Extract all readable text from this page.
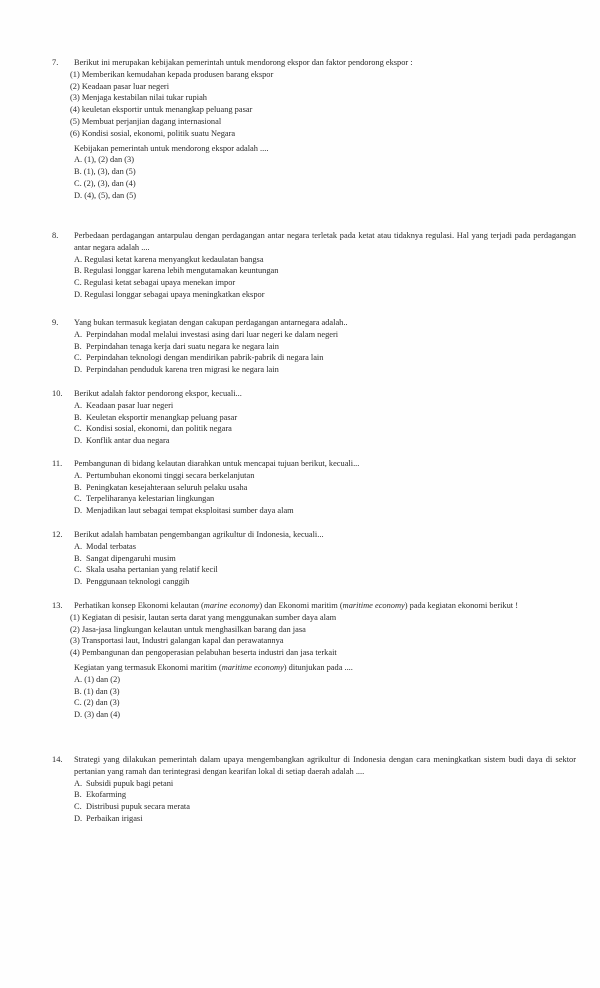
7.	Berikut ini merupakan kebijakan pemerintah untuk mendorong ekspor dan faktor pendorong ekspor :
(1) Memberikan kemudahan kepada produsen barang ekspor
(2) Keadaan pasar luar negeri
(3) Menjaga kestabilan nilai tukar rupiah
(4) keuletan eksportir untuk menangkap peluang pasar
(5) Membuat perjanjian dagang internasional
(6) Kondisi sosial, ekonomi, politik suatu Negara
Kebijakan pemerintah untuk mendorong ekspor adalah ....
A. (1), (2) dan (3)
B. (1), (3), dan (5)
C. (2), (3), dan (4)
D. (4), (5), dan (5)
8.	Perbedaan perdagangan antarpulau dengan perdagangan antar negara terletak pada ketat atau tidaknya regulasi. Hal yang terjadi pada perdagangan antar negara adalah ....
A. Regulasi ketat karena menyangkut kedaulatan bangsa
B. Regulasi longgar karena lebih mengutamakan keuntungan
C. Regulasi ketat sebagai upaya menekan impor
D. Regulasi longgar sebagai upaya meningkatkan ekspor
9.	Yang bukan termasuk kegiatan dengan cakupan perdagangan antarnegara adalah..
A. Perpindahan modal melalui investasi asing dari luar negeri ke dalam negeri
B. Perpindahan tenaga kerja dari suatu negara ke negara lain
C. Perpindahan teknologi dengan mendirikan pabrik-pabrik di negara lain
D. Perpindahan penduduk karena tren migrasi ke negara lain
10.	Berikut adalah faktor pendorong ekspor, kecuali...
A. Keadaan pasar luar negeri
B. Keuletan eksportir menangkap peluang pasar
C. Kondisi sosial, ekonomi, dan politik negara
D. Konflik antar dua negara
11.	Pembangunan di bidang kelautan diarahkan untuk mencapai tujuan berikut, kecuali...
A. Pertumbuhan ekonomi tinggi secara berkelanjutan
B. Peningkatan kesejahteraan seluruh pelaku usaha
C. Terpeliharanya kelestarian lingkungan
D. Menjadikan laut sebagai tempat eksploitasi sumber daya alam
12.	Berikut adalah hambatan pengembangan agrikultur di Indonesia, kecuali...
A. Modal terbatas
B. Sangat dipengaruhi musim
C. Skala usaha pertanian yang relatif kecil
D. Penggunaan teknologi canggih
13.	Perhatikan konsep Ekonomi kelautan (marine economy) dan Ekonomi maritim (maritime economy) pada kegiatan ekonomi berikut !
(1) Kegiatan di pesisir, lautan serta darat yang menggunakan sumber daya alam
(2) Jasa-jasa lingkungan kelautan untuk menghasilkan barang dan jasa
(3) Transportasi laut, Industri galangan kapal dan perawatannya
(4) Pembangunan dan pengoperasian pelabuhan beserta industri dan jasa terkait
Kegiatan yang termasuk Ekonomi maritim (maritime economy) ditunjukan pada ....
A. (1) dan (2)
B. (1) dan (3)
C. (2) dan (3)
D. (3) dan (4)
14.	Strategi yang dilakukan pemerintah dalam upaya mengembangkan agrikultur di Indonesia dengan cara meningkatkan sistem budi daya di sektor pertanian yang ramah dan terintegrasi dengan kearifan lokal di setiap daerah adalah ....
A. Subsidi pupuk bagi petani
B. Ekofarming
C. Distribusi pupuk secara merata
D. Perbaikan irigasi
